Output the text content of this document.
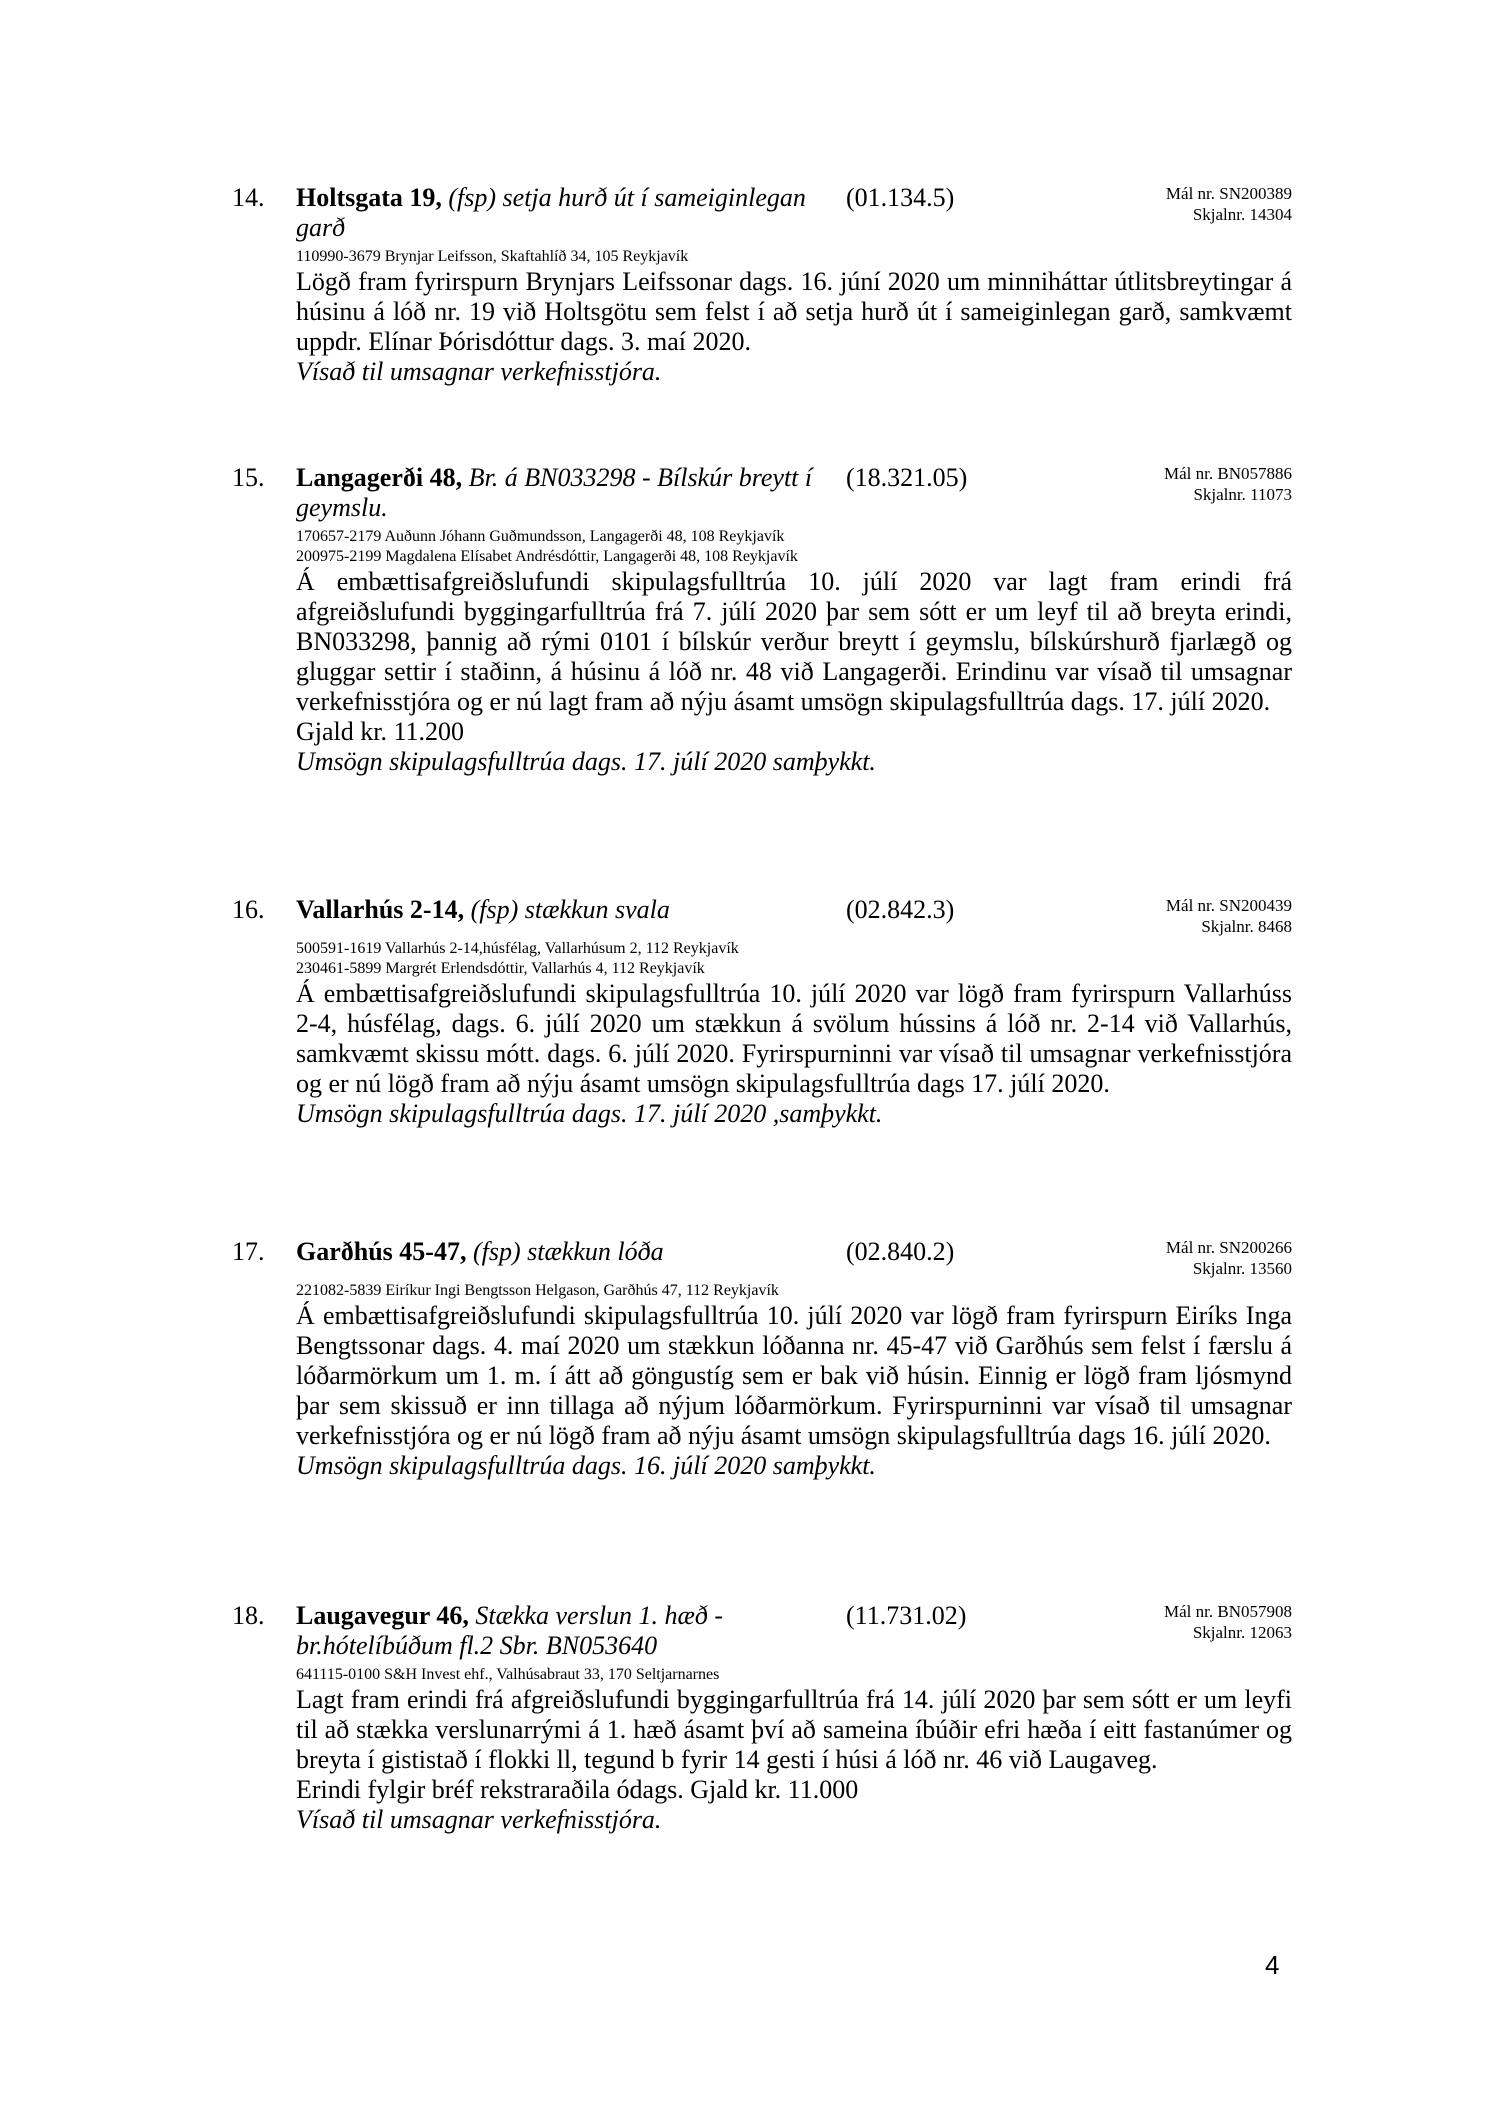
14. Holtsgata 19, (fsp) setja hurð út í sameiginlegan garð
(01.134.5)	Mál nr. SN200389
Skjalnr. 14304
110990-3679 Brynjar Leifsson, Skaftahlíð 34, 105 Reykjavík
Lögð fram fyrirspurn Brynjars Leifssonar dags. 16. júní 2020 um minniháttar útlitsbreytingar á húsinu á lóð nr. 19 við Holtsgötu sem felst í að setja hurð út í sameiginlegan garð, samkvæmt uppdr. Elínar Þórisdóttur dags. 3. maí 2020.
Vísað til umsagnar verkefnisstjóra.
15. Langagerði 48, Br. á BN033298 - Bílskúr breytt í geymslu.
(18.321.05)	Mál nr. BN057886
Skjalnr. 11073
170657-2179 Auðunn Jóhann Guðmundsson, Langagerði 48, 108 Reykjavík
200975-2199 Magdalena Elísabet Andrésdóttir, Langagerði 48, 108 Reykjavík
Á embættisafgreiðslufundi skipulagsfulltrúa 10. júlí 2020 var lagt fram erindi frá afgreiðslufundi byggingarfulltrúa frá 7. júlí 2020 þar sem sótt er um leyf til að breyta erindi, BN033298, þannig að rými 0101 í bílskúr verður breytt í geymslu, bílskúrshurð fjarlægð og gluggar settir í staðinn, á húsinu á lóð nr. 48 við Langagerði. Erindinu var vísað til umsagnar verkefnisstjóra og er nú lagt fram að nýju ásamt umsögn skipulagsfulltrúa dags. 17. júlí 2020.
Gjald kr. 11.200
Umsögn skipulagsfulltrúa dags. 17. júlí 2020 samþykkt.
16. Vallarhús 2-14, (fsp) stækkun svala	(02.842.3)	Mál nr. SN200439
Skjalnr. 8468
500591-1619 Vallarhús 2-14,húsfélag, Vallarhúsum 2, 112 Reykjavík
230461-5899 Margrét Erlendsdóttir, Vallarhús 4, 112 Reykjavík
Á embættisafgreiðslufundi skipulagsfulltrúa 10. júlí 2020 var lögð fram fyrirspurn Vallarhúss 2-4, húsfélag, dags. 6. júlí 2020 um stækkun á svölum hússins á lóð nr. 2-14 við Vallarhús, samkvæmt skissu mótt. dags. 6. júlí 2020. Fyrirspurninni var vísað til umsagnar verkefnisstjóra og er nú lögð fram að nýju ásamt umsögn skipulagsfulltrúa dags 17. júlí 2020.
Umsögn skipulagsfulltrúa dags. 17. júlí 2020 ,samþykkt.
17. Garðhús 45-47, (fsp) stækkun lóða	(02.840.2)	Mál nr. SN200266
Skjalnr. 13560
221082-5839 Eiríkur Ingi Bengtsson Helgason, Garðhús 47, 112 Reykjavík
Á embættisafgreiðslufundi skipulagsfulltrúa 10. júlí 2020 var lögð fram fyrirspurn Eiríks Inga Bengtssonar dags. 4. maí 2020 um stækkun lóðanna nr. 45-47 við Garðhús sem felst í færslu á lóðarmörkum um 1. m. í átt að göngustíg sem er bak við húsin. Einnig er lögð fram ljósmynd þar sem skissuð er inn tillaga að nýjum lóðarmörkum. Fyrirspurninni var vísað til umsagnar verkefnisstjóra og er nú lögð fram að nýju ásamt umsögn skipulagsfulltrúa dags 16. júlí 2020.
Umsögn skipulagsfulltrúa dags. 16. júlí 2020 samþykkt.
18. Laugavegur 46, Stækka verslun 1. hæð - br.hótelíbúðum fl.2 Sbr. BN053640
(11.731.02)	Mál nr. BN057908
Skjalnr. 12063
641115-0100 S&H Invest ehf., Valhúsabraut 33, 170 Seltjarnarnes
Lagt fram erindi frá afgreiðslufundi byggingarfulltrúa frá 14. júlí 2020 þar sem sótt er um leyfi til að stækka verslunarrými á 1. hæð ásamt því að sameina íbúðir efri hæða í eitt fastanúmer og breyta í gististað í flokki ll, tegund b fyrir 14 gesti í húsi á lóð nr. 46 við Laugaveg.
Erindi fylgir bréf rekstraraðila ódags. Gjald kr. 11.000
Vísað til umsagnar verkefnisstjóra.
4
